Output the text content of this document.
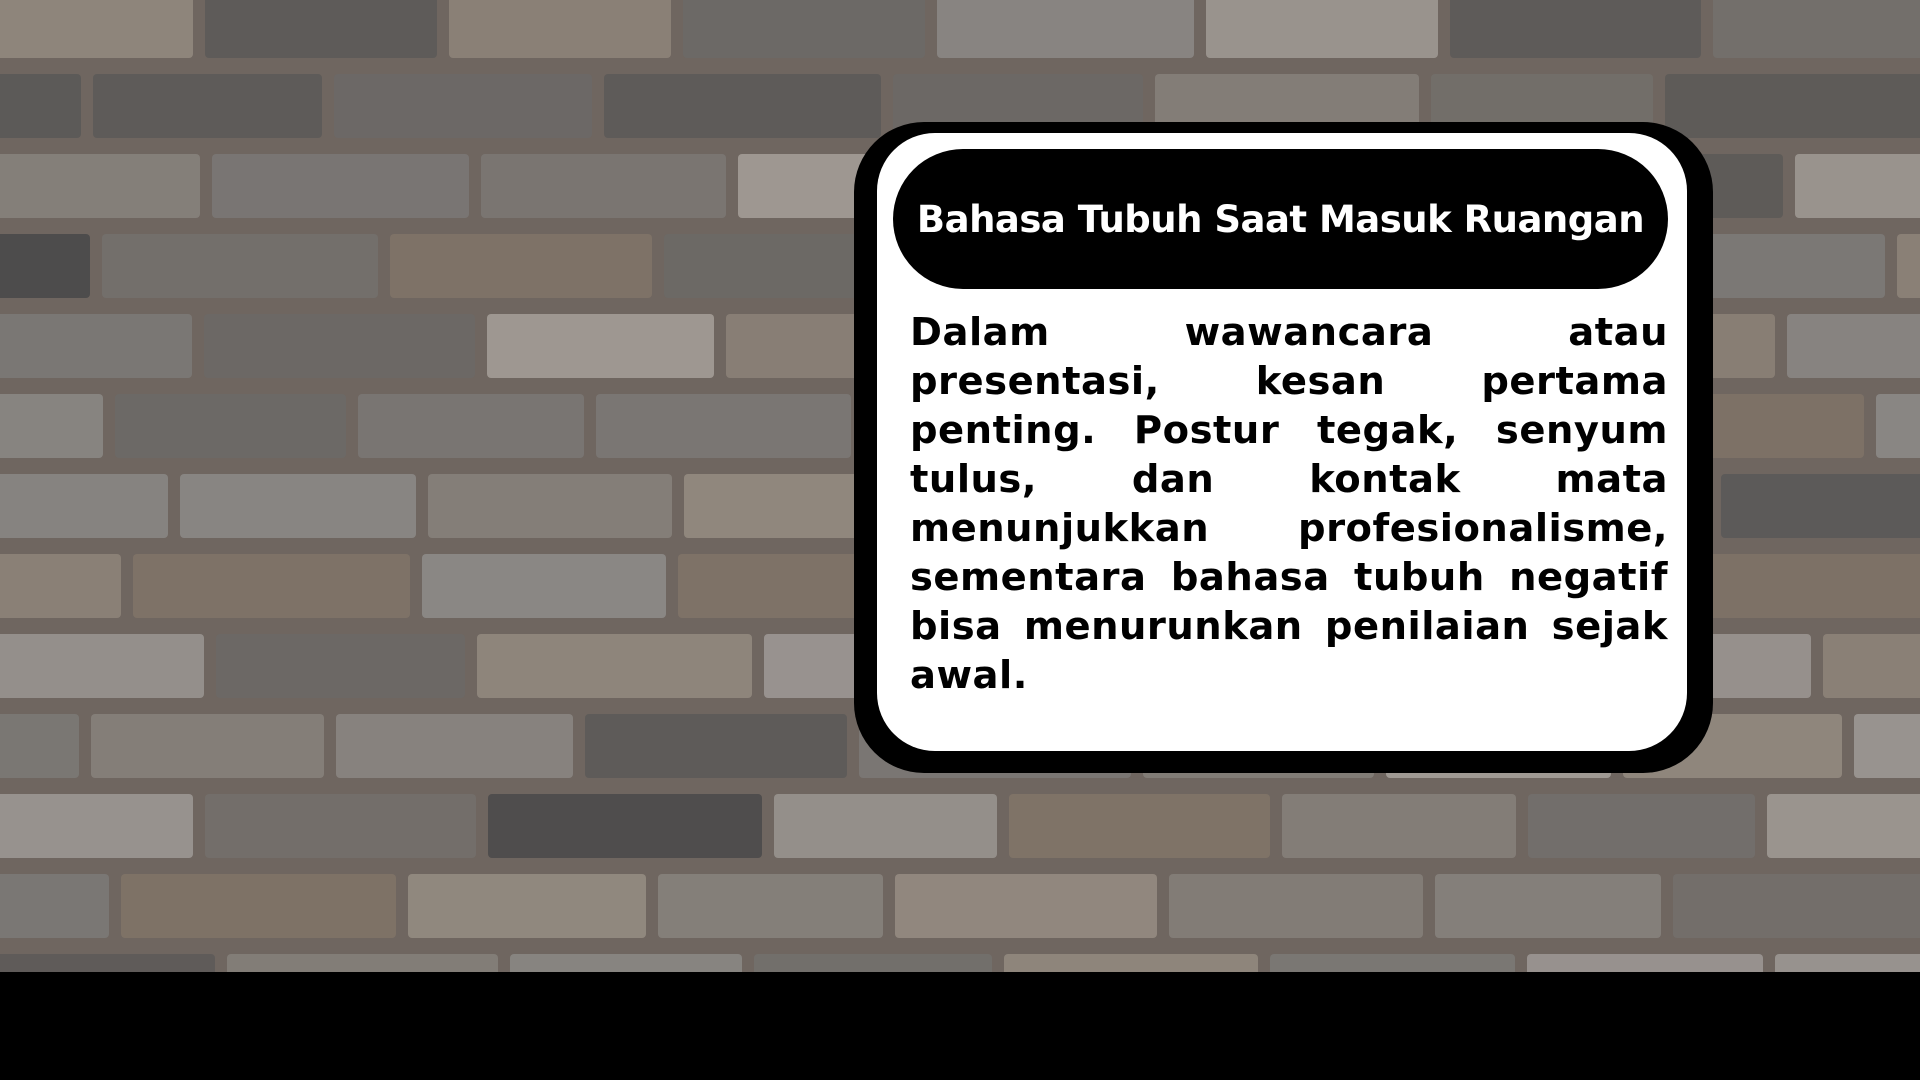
Bahasa Tubuh Saat Masuk Ruangan
Dalam wawancara atau presentasi, kesan pertama penting. Postur tegak, senyum tulus, dan kontak mata menunjukkan profesionalisme, sementara bahasa tubuh negatif bisa menurunkan penilaian sejak awal.
